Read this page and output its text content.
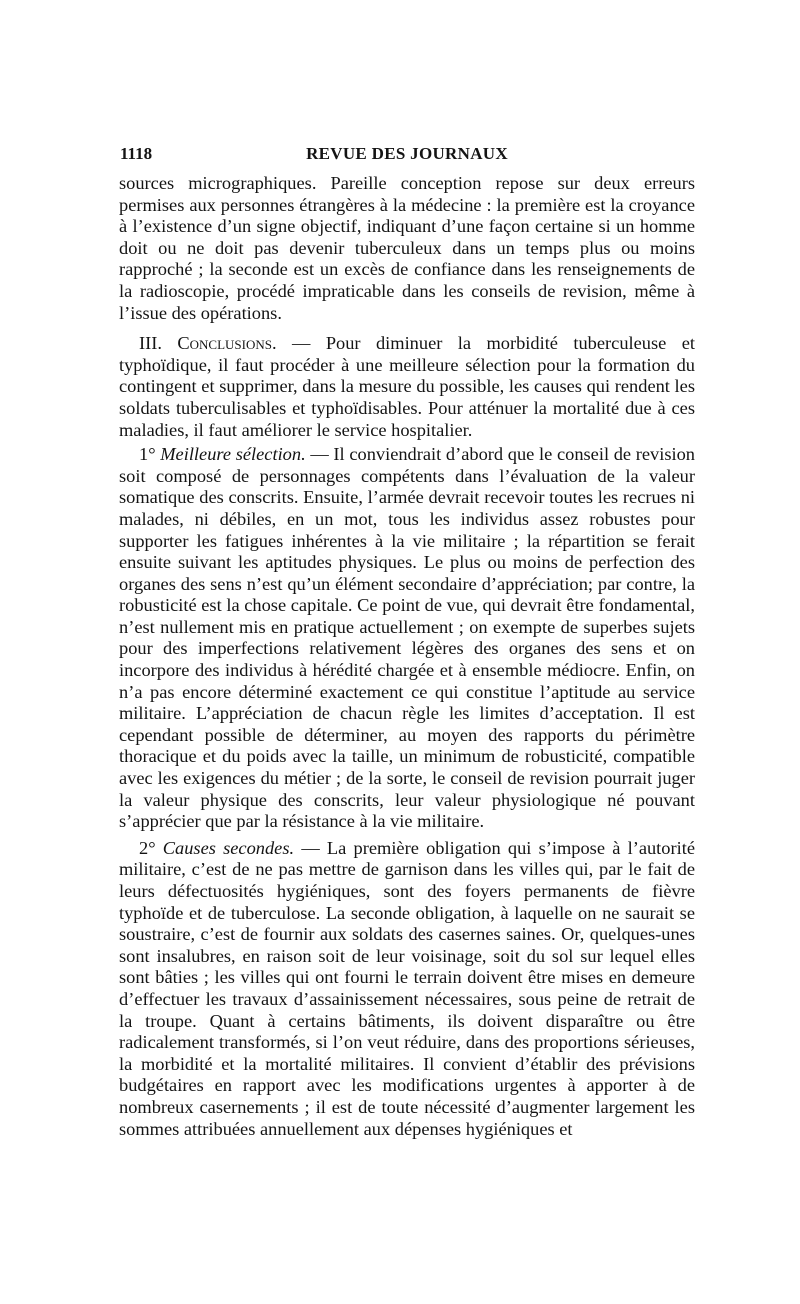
1118	REVUE DES JOURNAUX

sources micrographiques. Pareille conception repose sur deux erreurs permises aux personnes étrangères à la médecine : la première est la croyance à l’existence d’un signe objectif, indiquant d’une façon certaine si un homme doit ou ne doit pas devenir tuberculeux dans un temps plus ou moins rapproché ; la seconde est un excès de confiance dans les renseignements de la radioscopie, procédé impraticable dans les conseils de revision, même à l’issue des opérations.

III. Conclusions. — Pour diminuer la morbidité tuberculeuse et typhoïdique, il faut procéder à une meilleure sélection pour la formation du contingent et supprimer, dans la mesure du possible, les causes qui rendent les soldats tuberculisables et typhoïdisables. Pour atténuer la mortalité due à ces maladies, il faut améliorer le service hospitalier.

1° Meilleure sélection. — Il conviendrait d’abord que le conseil de revision soit composé de personnages compétents dans l’évaluation de la valeur somatique des conscrits. Ensuite, l’armée devrait recevoir toutes les recrues ni malades, ni débiles, en un mot, tous les individus assez robustes pour supporter les fatigues inhérentes à la vie militaire ; la répartition se ferait ensuite suivant les aptitudes physiques. Le plus ou moins de perfection des organes des sens n’est qu’un élément secondaire d’appréciation; par contre, la robusticité est la chose capitale. Ce point de vue, qui devrait être fondamental, n’est nullement mis en pratique actuellement ; on exempte de superbes sujets pour des imperfections relativement légères des organes des sens et on incorpore des individus à hérédité chargée et à ensemble médiocre. Enfin, on n’a pas encore déterminé exactement ce qui constitue l’aptitude au service militaire. L’appréciation de chacun règle les limites d’acceptation. Il est cependant possible de déterminer, au moyen des rapports du périmètre thoracique et du poids avec la taille, un minimum de robusticité, compatible avec les exigences du métier ; de la sorte, le conseil de revision pourrait juger la valeur physique des conscrits, leur valeur physiologique né pouvant s’apprécier que par la résistance à la vie militaire.

2° Causes secondes. — La première obligation qui s’impose à l’autorité militaire, c’est de ne pas mettre de garnison dans les villes qui, par le fait de leurs défectuosités hygiéniques, sont des foyers permanents de fièvre typhoïde et de tuberculose. La seconde obligation, à laquelle on ne saurait se soustraire, c’est de fournir aux soldats des casernes saines. Or, quelques-unes sont insalubres, en raison soit de leur voisinage, soit du sol sur lequel elles sont bâties ; les villes qui ont fourni le terrain doivent être mises en demeure d’effectuer les travaux d’assainissement nécessaires, sous peine de retrait de la troupe. Quant à certains bâtiments, ils doivent disparaître ou être radicalement transformés, si l’on veut réduire, dans des proportions sérieuses, la morbidité et la mortalité militaires. Il convient d’établir des prévisions budgétaires en rapport avec les modifications urgentes à apporter à de nombreux casernements ; il est de toute nécessité d’augmenter largement les sommes attribuées annuellement aux dépenses hygiéniques et
